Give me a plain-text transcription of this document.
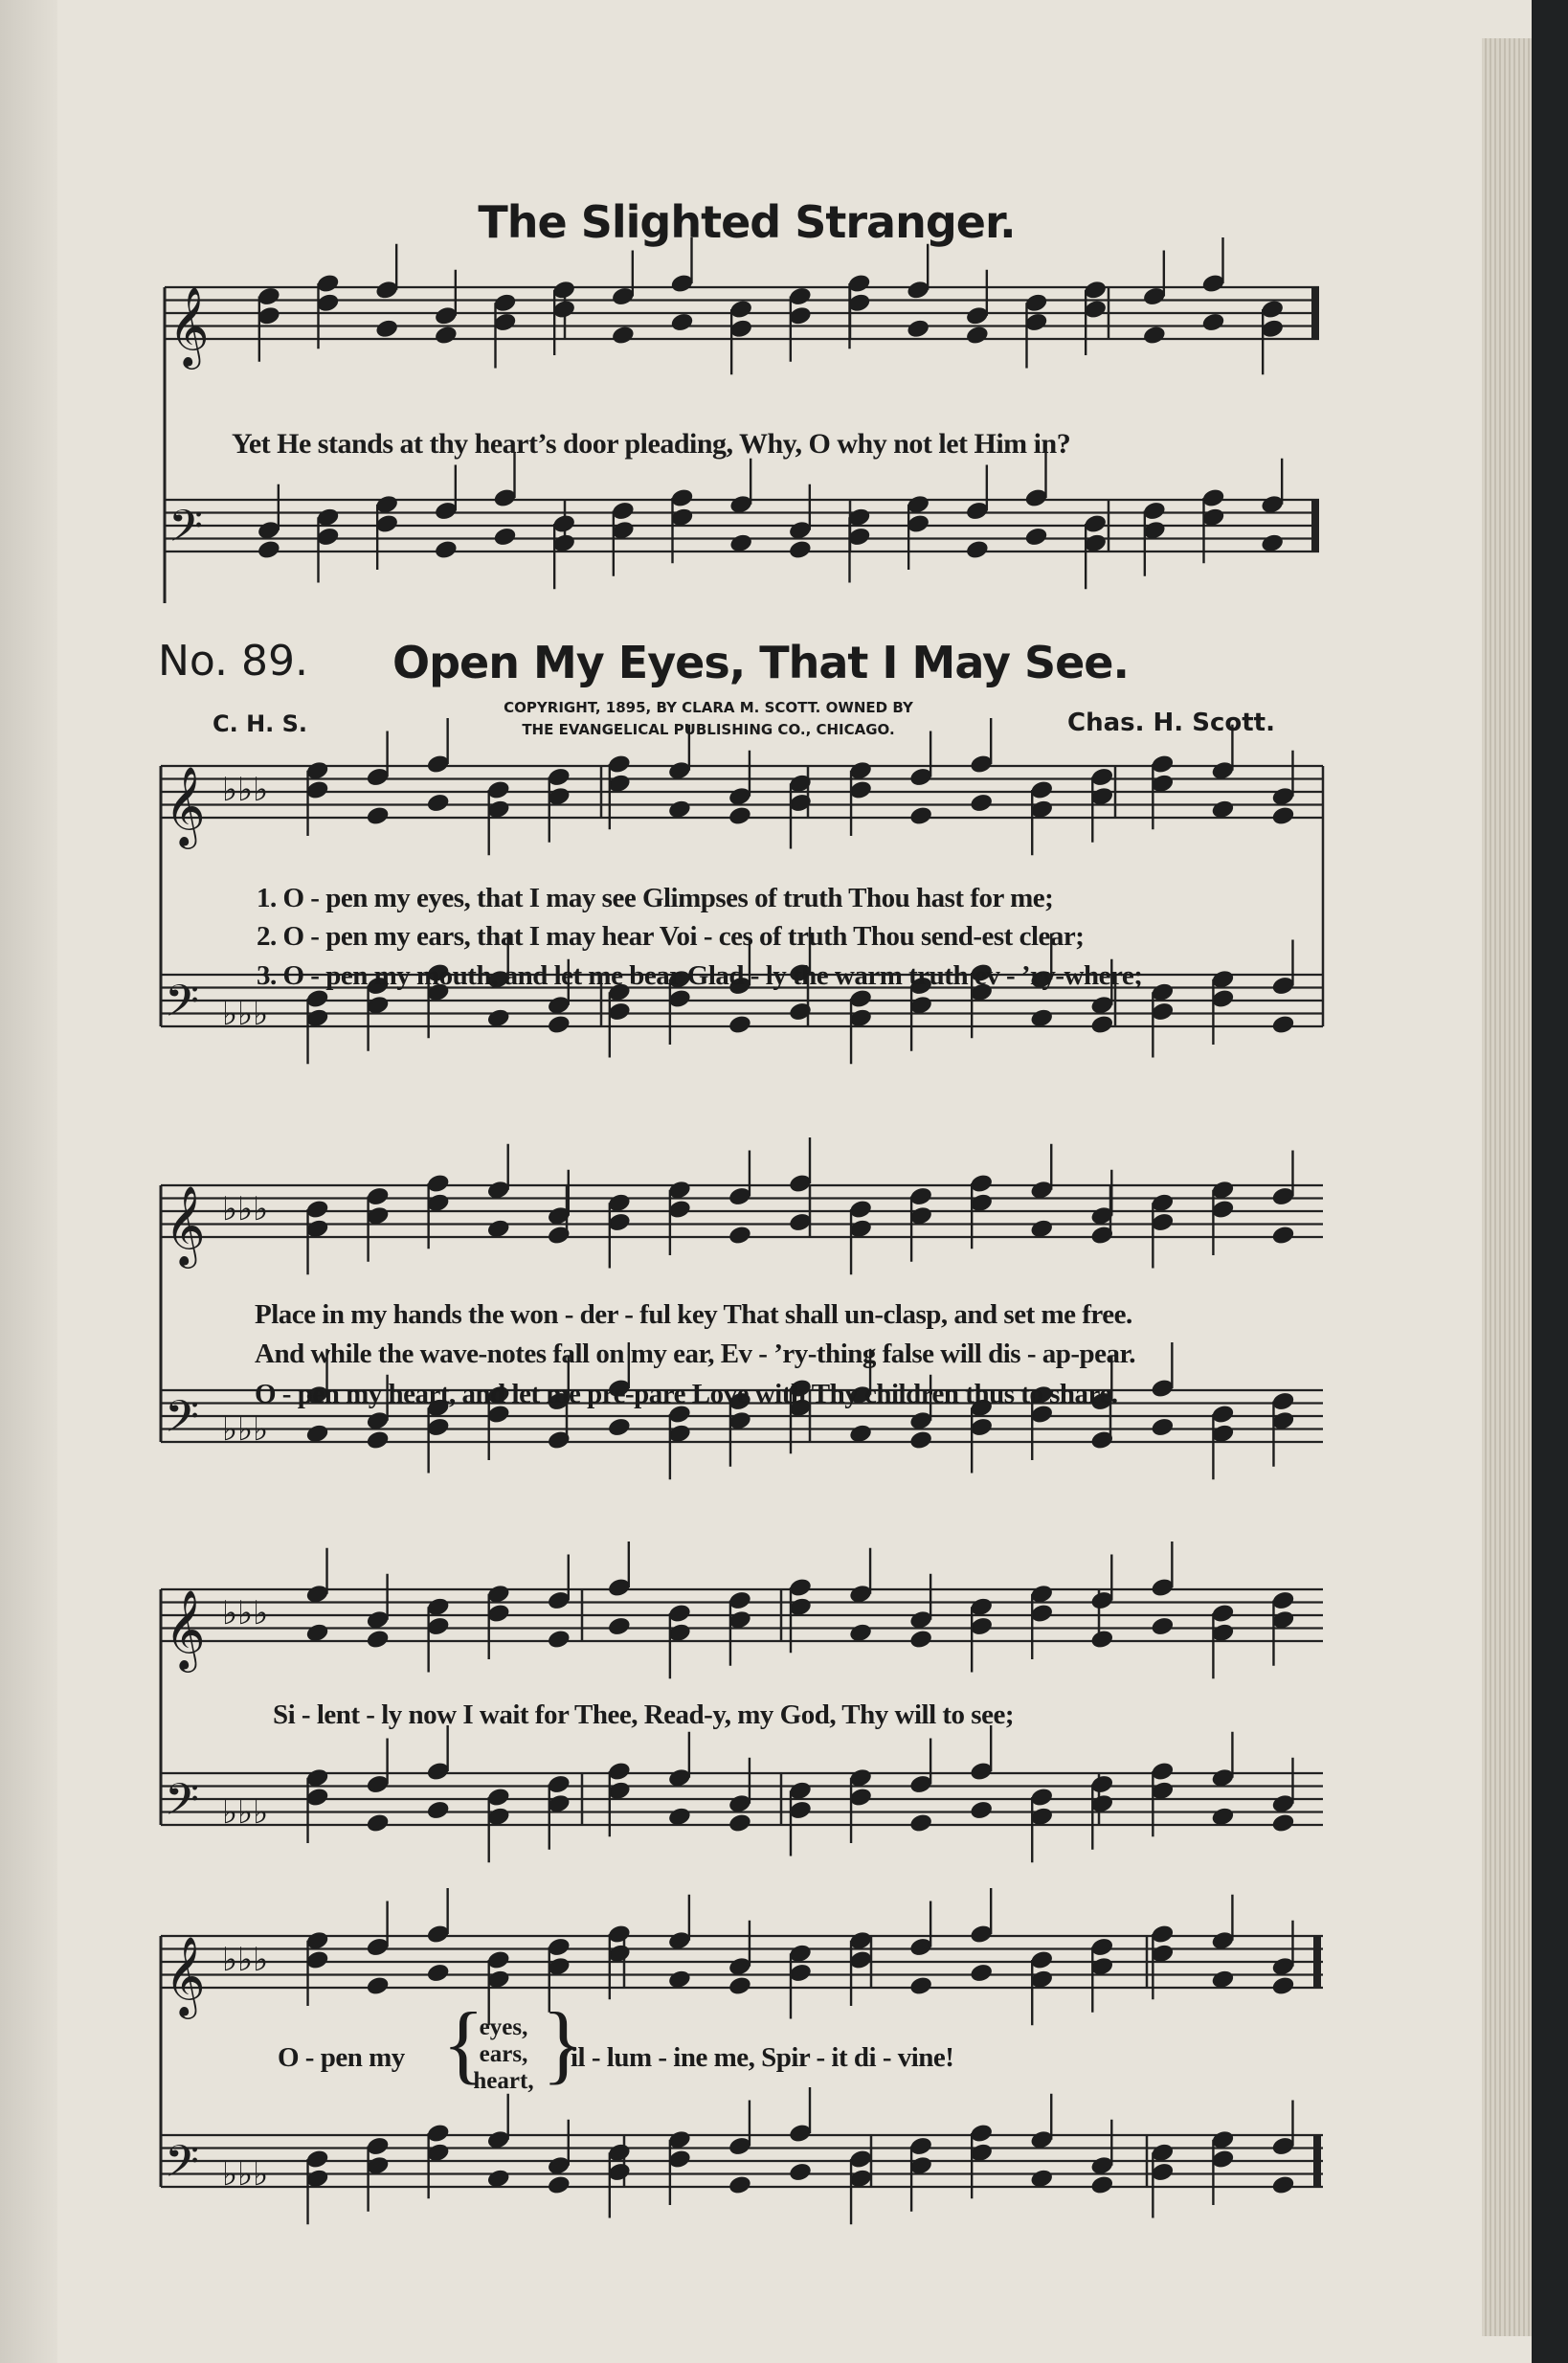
𝄞
𝄢
𝄞
𝄢
♭♭♭
♭♭♭
𝄞
𝄢
♭♭♭
♭♭♭
𝄞
𝄢
♭♭♭
♭♭♭
𝄞
𝄢
♭♭♭
♭♭♭
The Slighted Stranger.
Yet He stands at thy heart’s door pleading, Why, O why not let Him in?
No. 89. Open My Eyes, That I May See.
C. H. S.
COPYRIGHT, 1895, BY CLARA M. SCOTT. OWNED BY
THE EVANGELICAL PUBLISHING CO., CHICAGO.	Chas. H. Scott.
1. O - pen my eyes, that I may see Glimpses of truth Thou hast for me;
2. O - pen my ears, that I may hear Voi - ces of truth Thou send-est clear;
3. O - pen my mouth, and let me bear Glad - ly the warm truth ev - ’ry-where;
Place in my hands the won - der - ful key That shall un-clasp, and set me free.
And while the wave-notes fall on my ear, Ev - ’ry-thing false will dis - ap-pear.
O - pen my heart, and let me pre-pare Love with Thy children thus to share.
Si - lent - ly now I wait for Thee, Read-y, my God, Thy will to see;
O - pen my {
eyes,
ears,
heart, }
il - lum - ine me, Spir - it di - vine!
